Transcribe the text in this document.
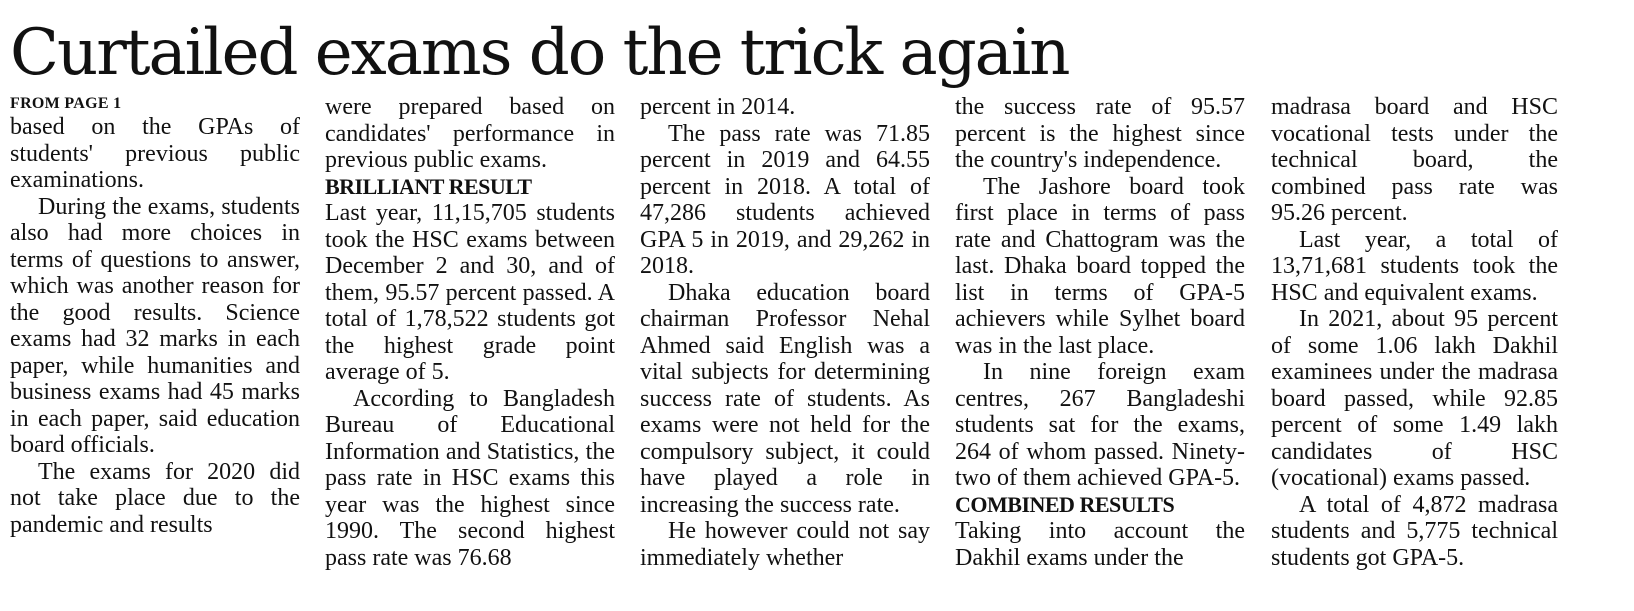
Curtailed exams do the trick again
FROM PAGE 1

based on the GPAs of students' previous public examinations.

During the exams, students also had more choices in terms of questions to answer, which was another reason for the good results. Science exams had 32 marks in each paper, while humanities and business exams had 45 marks in each paper, said education board officials.

The exams for 2020 did not take place due to the pandemic and results

were prepared based on candidates' performance in previous public exams.

BRILLIANT RESULT

Last year, 11,15,705 students took the HSC exams between December 2 and 30, and of them, 95.57 percent passed. A total of 1,78,522 students got the highest grade point average of 5.

According to Bangladesh Bureau of Educational Information and Statistics, the pass rate in HSC exams this year was the highest since 1990. The second highest pass rate was 76.68

percent in 2014.

The pass rate was 71.85 percent in 2019 and 64.55 percent in 2018. A total of 47,286 students achieved GPA 5 in 2019, and 29,262 in 2018.

Dhaka education board chairman Professor Nehal Ahmed said English was a vital subjects for determining success rate of students. As exams were not held for the compulsory subject, it could have played a role in increasing the success rate.

He however could not say immediately whether

the success rate of 95.57 percent is the highest since the country's independence.

The Jashore board took first place in terms of pass rate and Chattogram was the last. Dhaka board topped the list in terms of GPA-5 achievers while Sylhet board was in the last place.

In nine foreign exam centres, 267 Bangladeshi students sat for the exams, 264 of whom passed. Ninety-two of them achieved GPA-5.

COMBINED RESULTS

Taking into account the Dakhil exams under the

madrasa board and HSC vocational tests under the technical board, the combined pass rate was 95.26 percent.

Last year, a total of 13,71,681 students took the HSC and equivalent exams.

In 2021, about 95 percent of some 1.06 lakh Dakhil examinees under the madrasa board passed, while 92.85 percent of some 1.49 lakh candidates of HSC (vocational) exams passed.

A total of 4,872 madrasa students and 5,775 technical students got GPA-5.
